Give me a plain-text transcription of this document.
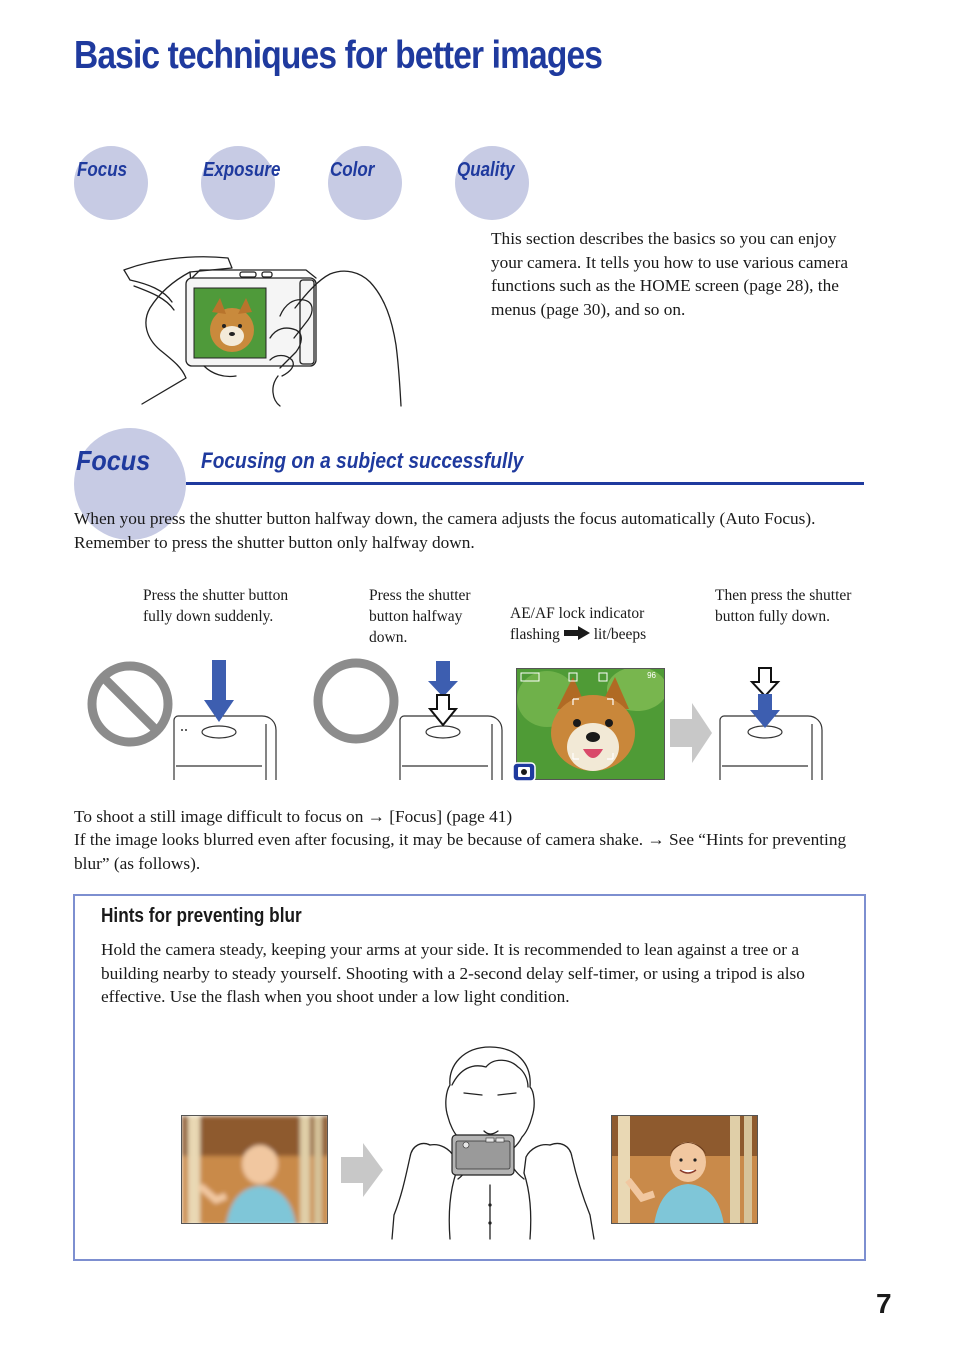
Basic techniques for better images
Focus	Exposure Color	Quality
This section describes the basics so you can enjoy your camera. It tells you how to use various camera functions such as the HOME screen (page 28), the menus (page 30), and so on.
Focus Focusing on a subject successfully
When you press the shutter button halfway down, the camera adjusts the focus automatically (Auto Focus). Remember to press the shutter button only halfway down.
Press the shutter button fully down suddenly.
Press the shutter button halfway down.
AE/AF lock indicator
flashing lit/beeps
Then press the shutter button fully down.
96
To shoot a still image difficult to focus on → [Focus] (page 41)
If the image looks blurred even after focusing, it may be because of camera shake. → See “Hints for preventing blur” (as follows).
Hints for preventing blur
Hold the camera steady, keeping your arms at your side. It is recommended to lean against a tree or a building nearby to steady yourself. Shooting with a 2-second delay self-timer, or using a tripod is also effective. Use the flash when you shoot under a low light condition.
7
